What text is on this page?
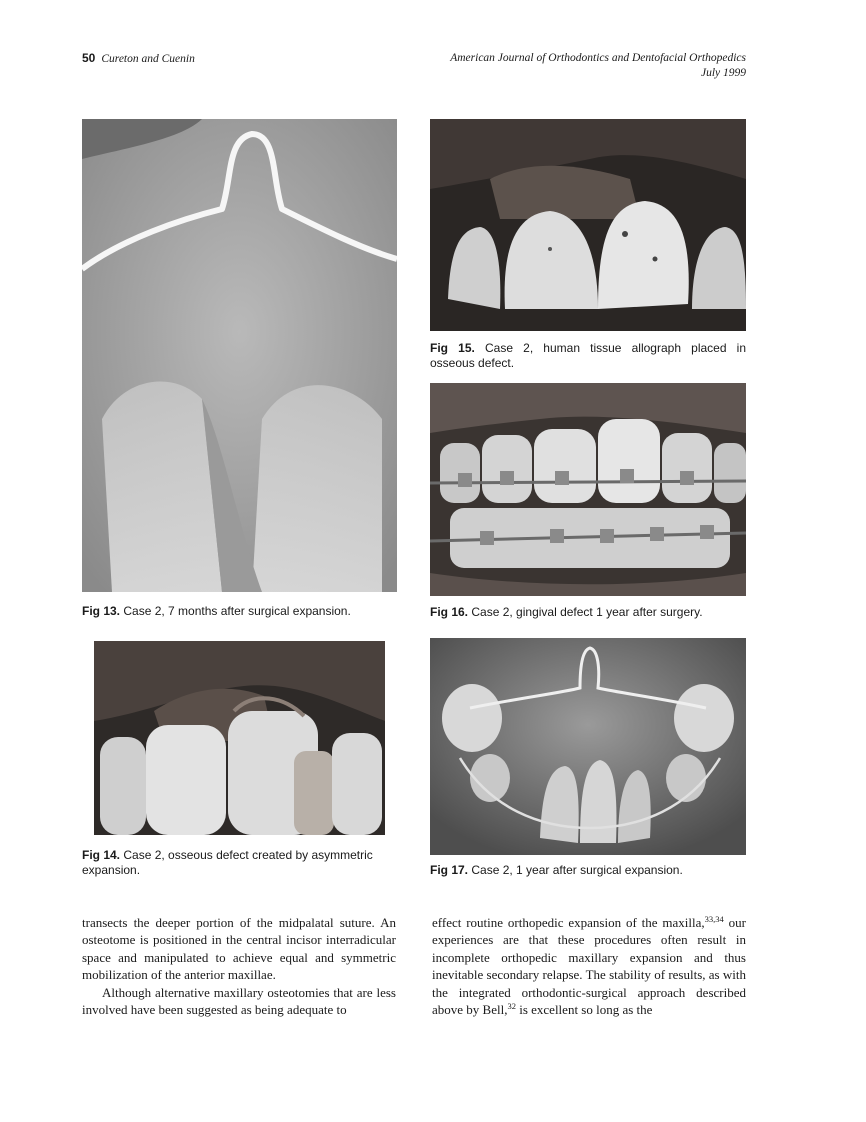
50 Cureton and Cuenin	American Journal of Orthodontics and Dentofacial Orthopedics
July 1999
Fig 13. Case 2, 7 months after surgical expansion.
Fig 14. Case 2, osseous defect created by asymmetric
expansion.
Fig 15. Case 2, human tissue allograph placed in
osseous defect.
Fig 16. Case 2, gingival defect 1 year after surgery.
Fig 17. Case 2, 1 year after surgical expansion.

transects the deeper portion of the midpalatal suture. An osteotome is positioned in the central incisor interradicular space and manipulated to achieve equal and symmetric mobilization of the anterior maxillae.

Although alternative maxillary osteotomies that are less involved have been suggested as being adequate to

effect routine orthopedic expansion of the maxilla,$^{33,34}$ our experiences are that these procedures often result in incomplete orthopedic maxillary expansion and thus inevitable secondary relapse. The stability of results, as with the integrated orthodontic-surgical approach described above by Bell,$^{32}$ is excellent so long as the
